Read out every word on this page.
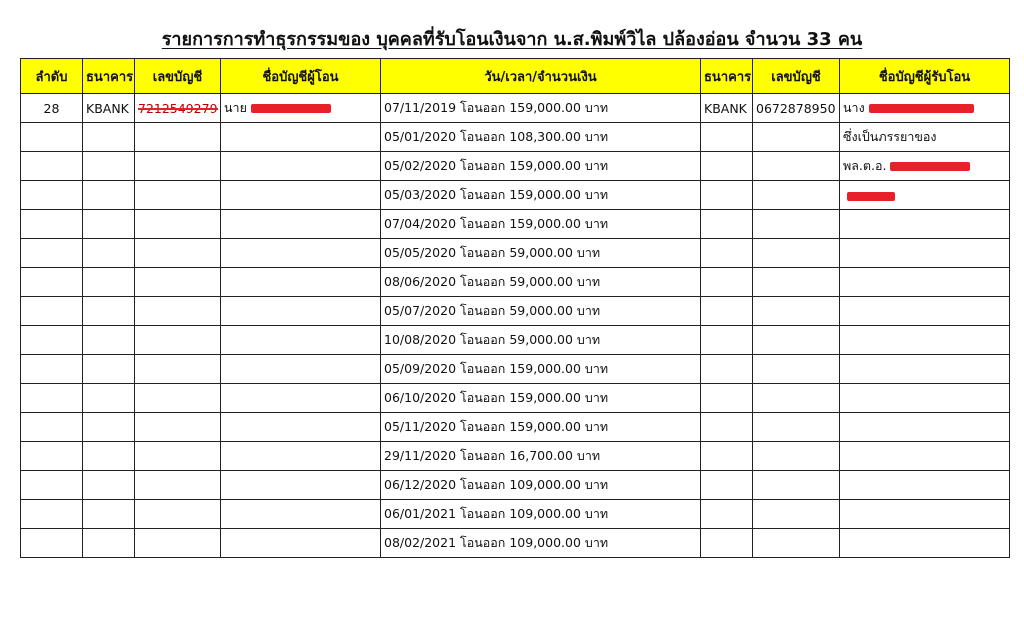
รายการการทำธุรกรรมของ บุคคลที่รับโอนเงินจาก น.ส.พิมพ์วิไล ปล้องอ่อน จำนวน 33 คน
ลำดับ	ธนาคาร	เลขบัญชี	ชื่อบัญชีผู้โอน	วัน/เวลา/จำนวนเงิน	ธนาคาร	เลขบัญชี	ชื่อบัญชีผู้รับโอน
28	KBANK	7212549279	นาย	07/11/2019 โอนออก 159,000.00 บาท	KBANK	0672878950	นาง
				05/01/2020 โอนออก 108,300.00 บาท			ซึ่งเป็นภรรยาของ
				05/02/2020 โอนออก 159,000.00 บาท			พล.ต.อ.
				05/03/2020 โอนออก 159,000.00 บาท			
				07/04/2020 โอนออก 159,000.00 บาท			
				05/05/2020 โอนออก 59,000.00 บาท			
				08/06/2020 โอนออก 59,000.00 บาท			
				05/07/2020 โอนออก 59,000.00 บาท			
				10/08/2020 โอนออก 59,000.00 บาท			
				05/09/2020 โอนออก 159,000.00 บาท			
				06/10/2020 โอนออก 159,000.00 บาท			
				05/11/2020 โอนออก 159,000.00 บาท			
				29/11/2020 โอนออก 16,700.00 บาท			
				06/12/2020 โอนออก 109,000.00 บาท			
				06/01/2021 โอนออก 109,000.00 บาท			
				08/02/2021 โอนออก 109,000.00 บาท			
